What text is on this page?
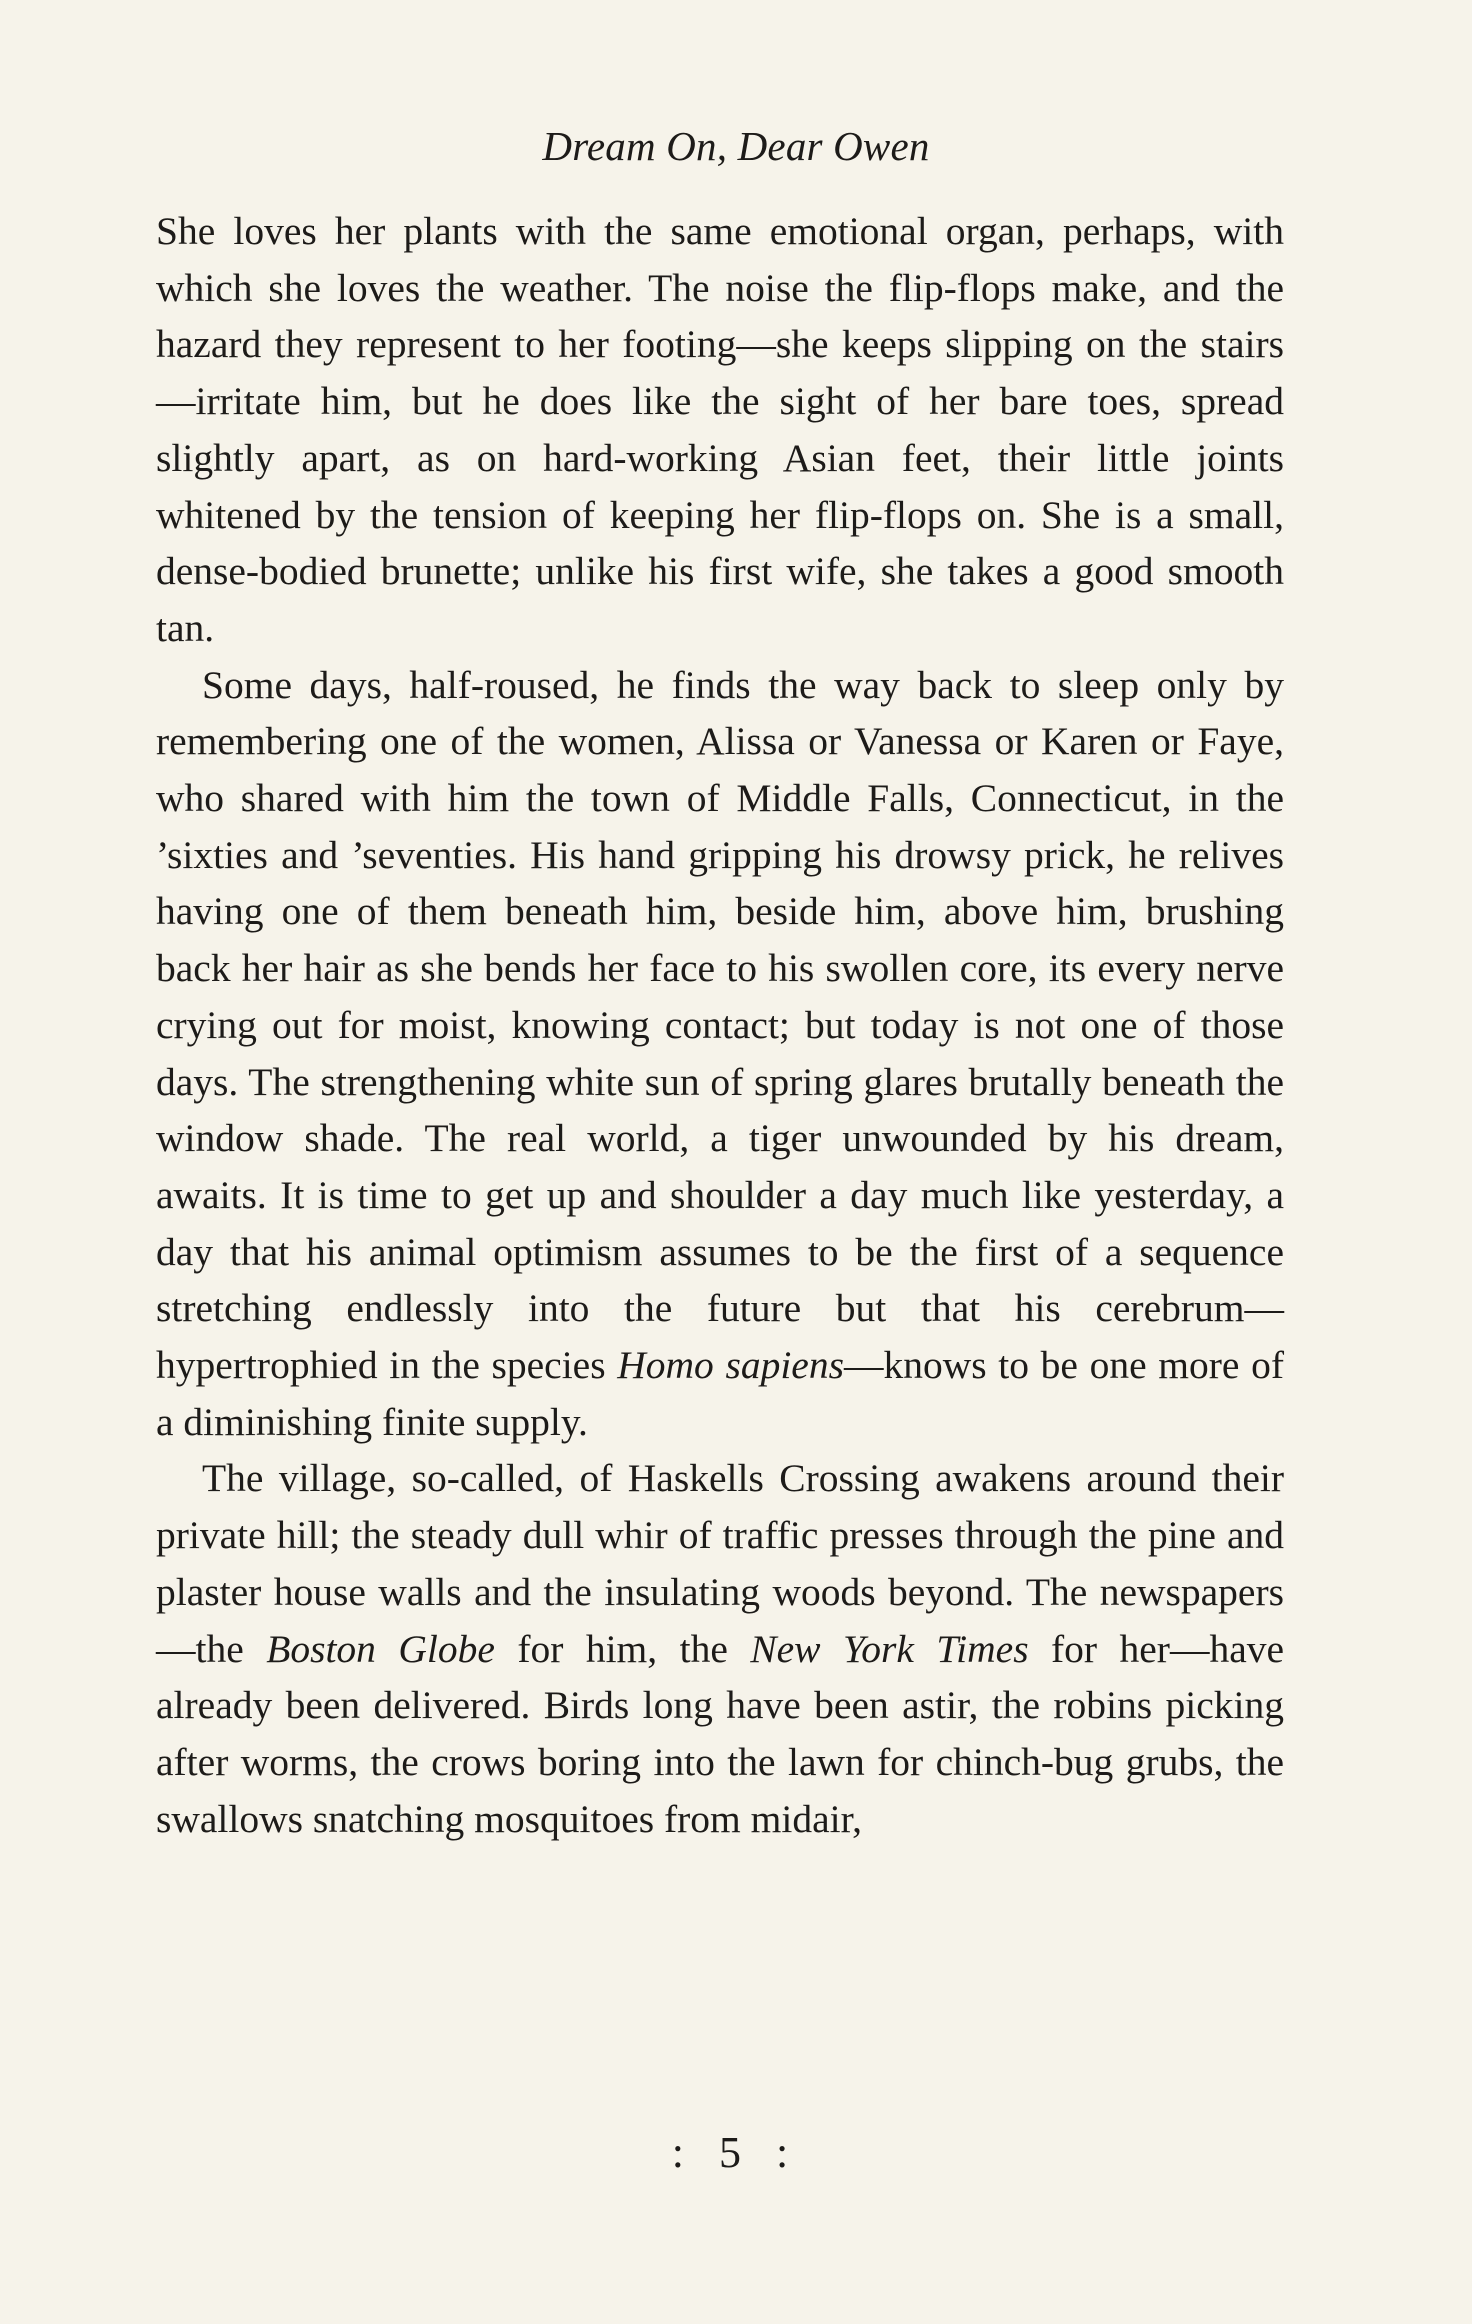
Dream On, Dear Owen

She loves her plants with the same emotional organ, perhaps, with which she loves the weather. The noise the flip-flops make, and the hazard they represent to her footing—she keeps slipping on the stairs—irritate him, but he does like the sight of her bare toes, spread slightly apart, as on hard-working Asian feet, their little joints whitened by the tension of keeping her flip-flops on. She is a small, dense-bodied brunette; unlike his first wife, she takes a good smooth tan.

Some days, half-roused, he finds the way back to sleep only by remembering one of the women, Alissa or Vanessa or Karen or Faye, who shared with him the town of Middle Falls, Connecticut, in the ’sixties and ’seventies. His hand gripping his drowsy prick, he relives having one of them beneath him, beside him, above him, brushing back her hair as she bends her face to his swollen core, its every nerve crying out for moist, knowing contact; but today is not one of those days. The strengthening white sun of spring glares brutally beneath the window shade. The real world, a tiger unwounded by his dream, awaits. It is time to get up and shoulder a day much like yesterday, a day that his animal optimism assumes to be the first of a sequence stretching endlessly into the future but that his cerebrum—hypertrophied in the species Homo sapiens—knows to be one more of a diminishing finite supply.

The village, so-called, of Haskells Crossing awakens around their private hill; the steady dull whir of traffic presses through the pine and plaster house walls and the insulating woods beyond. The newspapers—the Boston Globe for him, the New York Times for her—have already been delivered. Birds long have been astir, the robins picking after worms, the crows boring into the lawn for chinch-bug grubs, the swallows snatching mosquitoes from midair,

: 5 :
